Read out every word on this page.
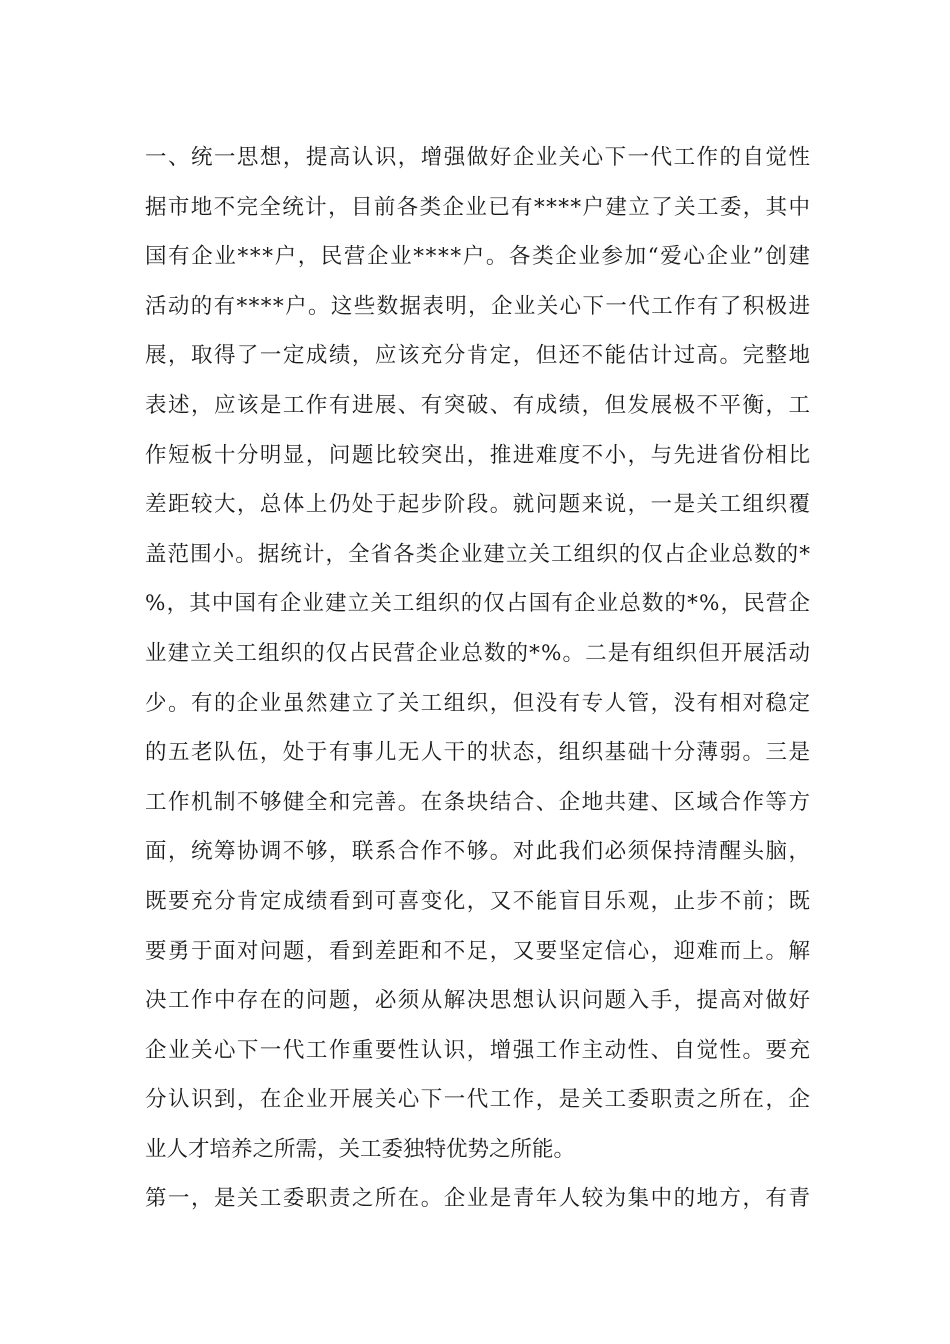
一、统一思想，提高认识，增强做好企业关心下一代工作的自觉性
据市地不完全统计，目前各类企业已有****户建立了关工委，其中
国有企业***户，民营企业****户。各类企业参加“爱心企业”创建
活动的有****户。这些数据表明，企业关心下一代工作有了积极进
展，取得了一定成绩，应该充分肯定，但还不能估计过高。完整地
表述，应该是工作有进展、有突破、有成绩，但发展极不平衡，工
作短板十分明显，问题比较突出，推进难度不小，与先进省份相比
差距较大，总体上仍处于起步阶段。就问题来说，一是关工组织覆
盖范围小。据统计，全省各类企业建立关工组织的仅占企业总数的*
%，其中国有企业建立关工组织的仅占国有企业总数的*%，民营企
业建立关工组织的仅占民营企业总数的*%。二是有组织但开展活动
少。有的企业虽然建立了关工组织，但没有专人管，没有相对稳定
的五老队伍，处于有事儿无人干的状态，组织基础十分薄弱。三是
工作机制不够健全和完善。在条块结合、企地共建、区域合作等方
面，统筹协调不够，联系合作不够。对此我们必须保持清醒头脑，
既要充分肯定成绩看到可喜变化，又不能盲目乐观，止步不前；既
要勇于面对问题，看到差距和不足，又要坚定信心，迎难而上。解
决工作中存在的问题，必须从解决思想认识问题入手，提高对做好
企业关心下一代工作重要性认识，增强工作主动性、自觉性。要充
分认识到，在企业开展关心下一代工作，是关工委职责之所在，企
业人才培养之所需，关工委独特优势之所能。
第一，是关工委职责之所在。企业是青年人较为集中的地方，有青
